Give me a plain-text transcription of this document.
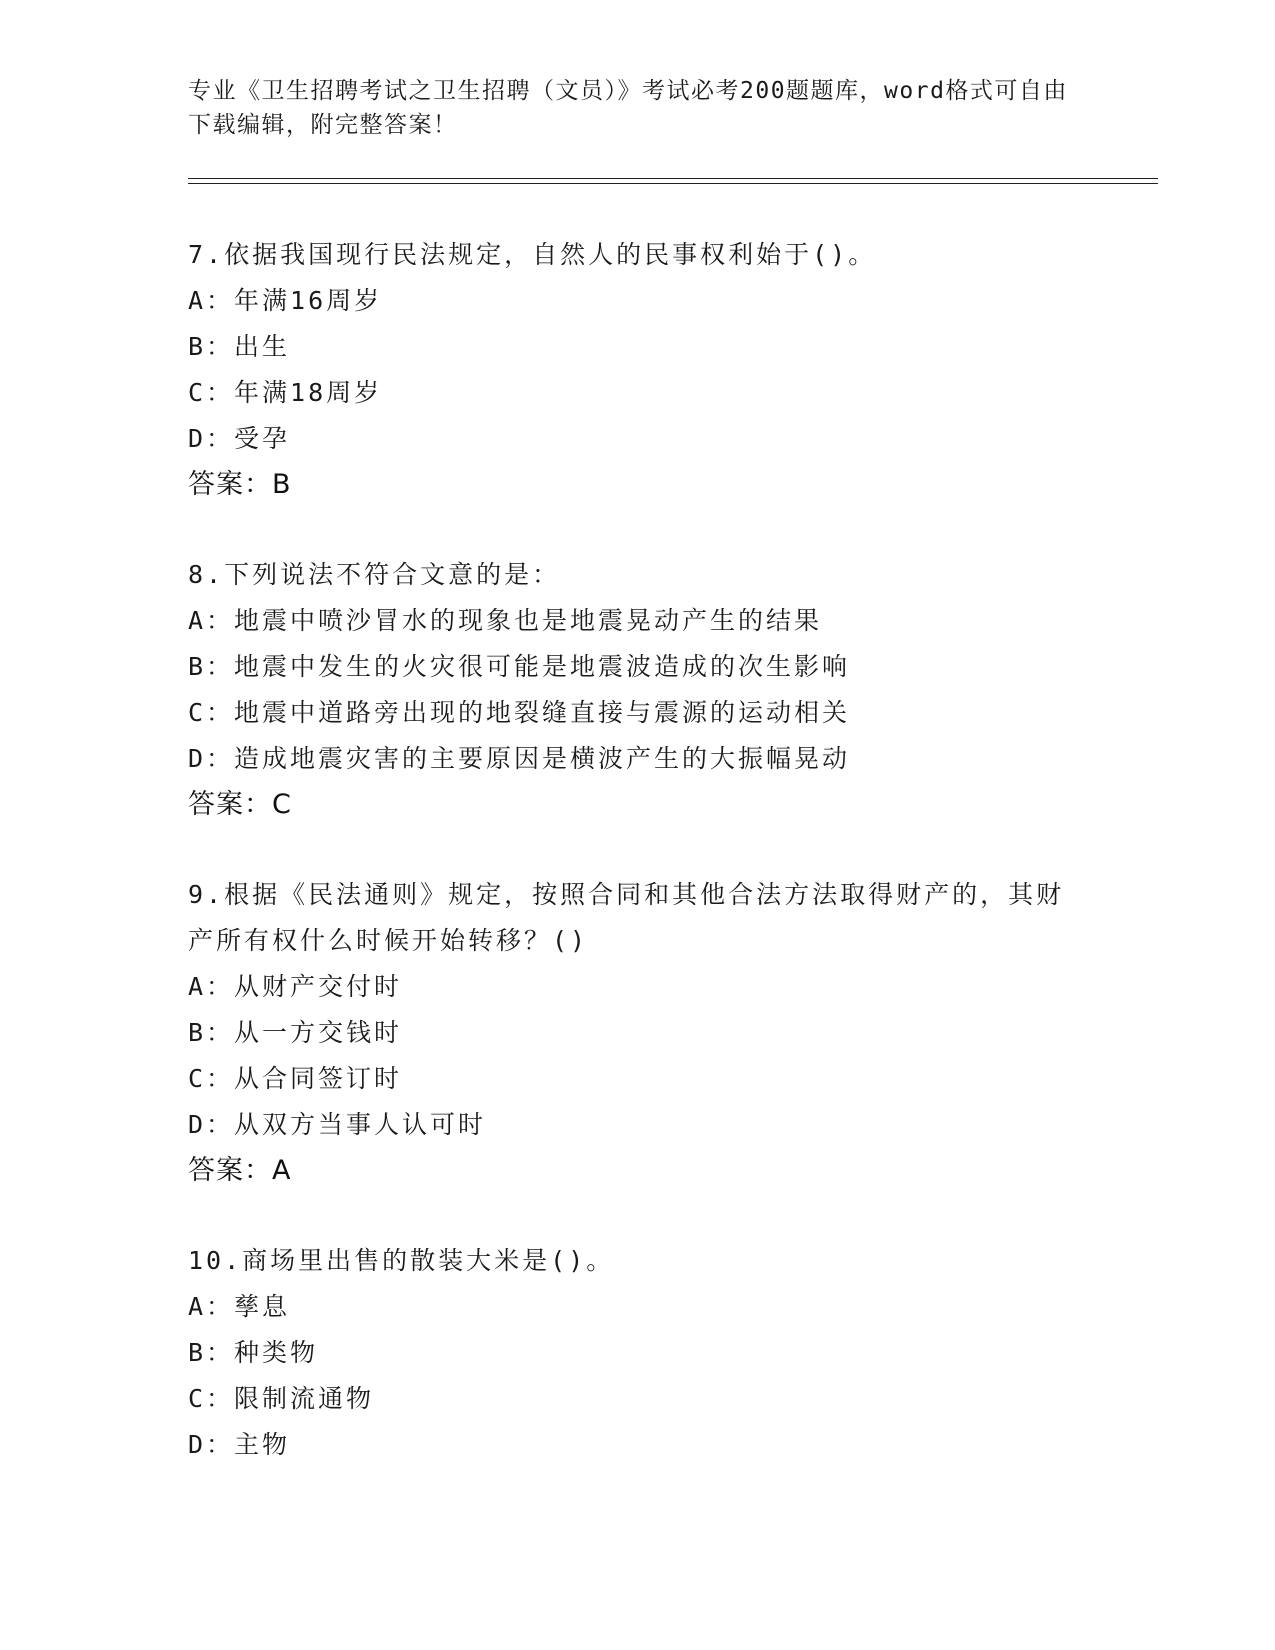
专业《卫生招聘考试之卫生招聘（文员）》考试必考200题题库，word格式可自由下载编辑，附完整答案！
7.依据我国现行民法规定，自然人的民事权利始于()。
A：年满16周岁
B：出生
C：年满18周岁
D：受孕
答案：B
8.下列说法不符合文意的是：
A：地震中喷沙冒水的现象也是地震晃动产生的结果
B：地震中发生的火灾很可能是地震波造成的次生影响
C：地震中道路旁出现的地裂缝直接与震源的运动相关
D：造成地震灾害的主要原因是横波产生的大振幅晃动
答案：C
9.根据《民法通则》规定，按照合同和其他合法方法取得财产的，其财产所有权什么时候开始转移？()
A：从财产交付时
B：从一方交钱时
C：从合同签订时
D：从双方当事人认可时
答案：A
10.商场里出售的散装大米是()。
A：孳息
B：种类物
C：限制流通物
D：主物
